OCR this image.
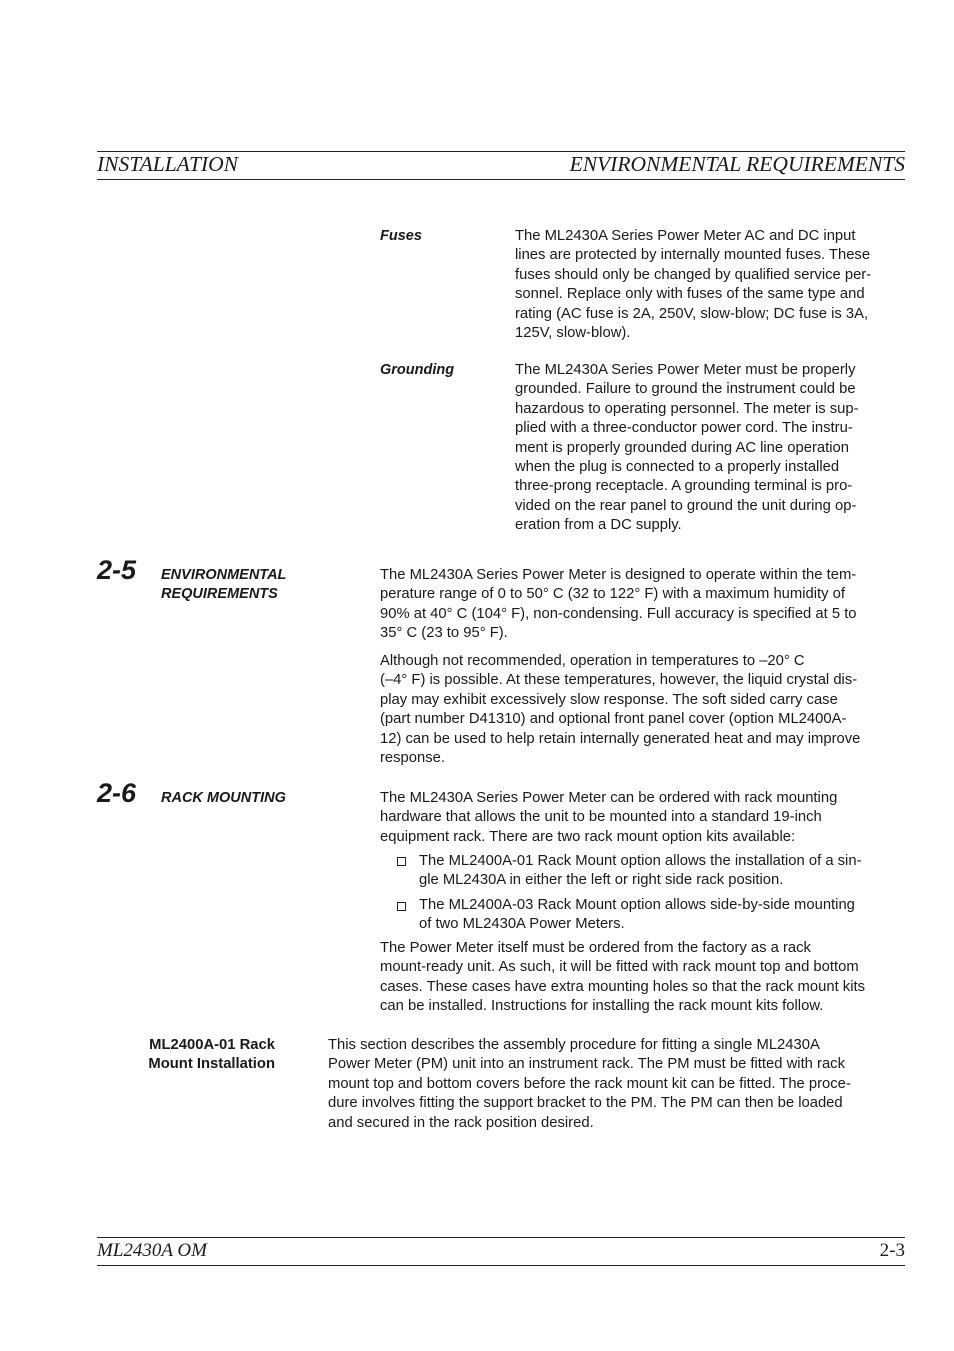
INSTALLATION	ENVIRONMENTAL REQUIREMENTS
Fuses	The ML2430A Series Power Meter AC and DC input

lines are protected by internally mounted fuses. These

fuses should only be changed by qualified service per-

sonnel. Replace only with fuses of the same type and

rating (AC fuse is 2A, 250V, slow-blow; DC fuse is 3A,

125V, slow-blow).

Grounding	The ML2430A Series Power Meter must be properly

grounded. Failure to ground the instrument could be

hazardous to operating personnel. The meter is sup-

plied with a three-conductor power cord. The instru-

ment is properly grounded during AC line operation

when the plug is connected to a properly installed

three-prong receptacle. A grounding terminal is pro-

vided on the rear panel to ground the unit during op-

eration from a DC supply.

2-5 ENVIRONMENTAL
REQUIREMENTS

The ML2430A Series Power Meter is designed to operate within the tem-

perature range of 0 to 50° C (32 to 122° F) with a maximum humidity of

90% at 40° C (104° F), non-condensing. Full accuracy is specified at 5 to

35° C (23 to 95° F).

Although not recommended, operation in temperatures to –20° C

(–4° F) is possible. At these temperatures, however, the liquid crystal dis-

play may exhibit excessively slow response. The soft sided carry case

(part number D41310) and optional front panel cover (option ML2400A-

12) can be used to help retain internally generated heat and may improve

response.

2-6 RACK MOUNTING	The ML2430A Series Power Meter can be ordered with rack mounting

hardware that allows the unit to be mounted into a standard 19-inch

equipment rack. There are two rack mount option kits available:

The ML2400A-01 Rack Mount option allows the installation of a sin-

gle ML2430A in either the left or right side rack position.

The ML2400A-03 Rack Mount option allows side-by-side mounting

of two ML2430A Power Meters.

The Power Meter itself must be ordered from the factory as a rack

mount-ready unit. As such, it will be fitted with rack mount top and bottom

cases. These cases have extra mounting holes so that the rack mount kits

can be installed. Instructions for installing the rack mount kits follow.

ML2400A-01 Rack
Mount Installation

This section describes the assembly procedure for fitting a single ML2430A

Power Meter (PM) unit into an instrument rack. The PM must be fitted with rack

mount top and bottom covers before the rack mount kit can be fitted. The proce-

dure involves fitting the support bracket to the PM. The PM can then be loaded

and secured in the rack position desired.

ML2430A OM	2-3
